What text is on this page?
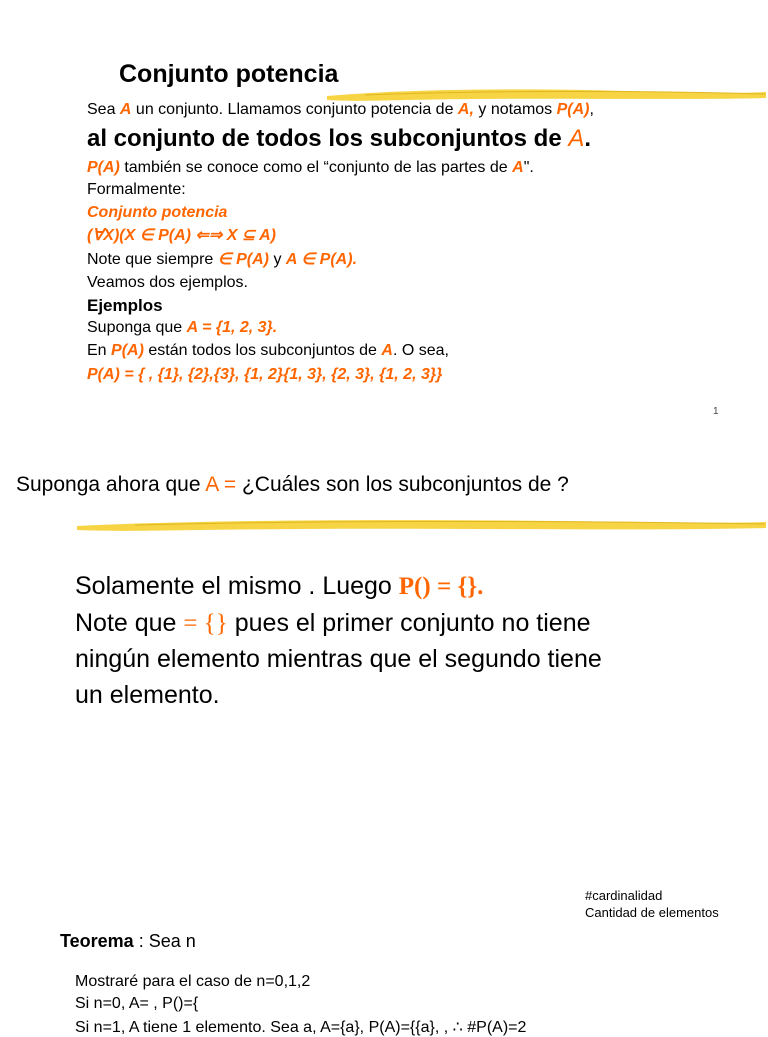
Conjunto potencia
Sea A un conjunto. Llamamos conjunto potencia de A, y notamos P(A),
al conjunto de todos los subconjuntos de A.
P(A) también se conoce como el “conjunto de las partes de A".
Formalmente:
Conjunto potencia
(∀X)(X ∈ P(A) ⇐⇒ X ⊆ A)
Note que siempre ∈ P(A) y A ∈ P(A).
Veamos dos ejemplos.
Ejemplos
Suponga que A = {1, 2, 3}.
En P(A) están todos los subconjuntos de A. O sea,
P(A) = { , {1}, {2},{3}, {1, 2}{1, 3}, {2, 3}, {1, 2, 3}}
1
Suponga ahora que A = ¿Cuáles son los subconjuntos de ?
Solamente el mismo . Luego P() = {}.
Note que = {} pues el primer conjunto no tiene
ningún elemento mientras que el segundo tiene
un elemento.
#cardinalidad
Cantidad de elementos
Teorema : Sea n
Mostraré para el caso de n=0,1,2
Si n=0, A= , P()={
Si n=1, A tiene 1 elemento. Sea a, A={a}, P(A)={{a}, , ∴ #P(A)=2
